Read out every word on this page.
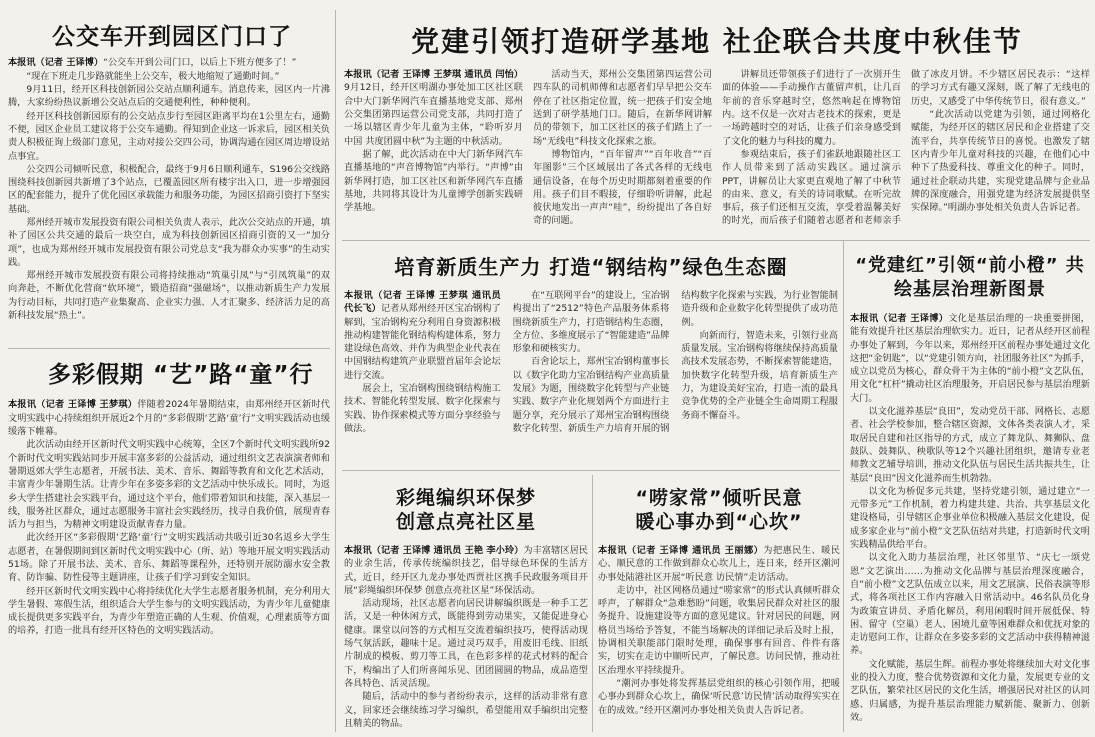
公交车开到园区门口了

本报讯（记者 王译博）“公交车开到公司门口，以后上下班方便多了！”

“现在下班走几步路就能坐上公交车，极大地缩短了通勤时间。”

9月11日，经开区科技创新园公交站点顺利通车。消息传来，园区内一片沸腾，大家纷纷热议新增公交站点后的交通便利性，种种便利。

经开区科技创新园原有的公交站点步行至园区距离平均在1公里左右，通勤不便，园区企业员工建议将于公交车通勤。得知到企业这一诉求后，园区相关负责人积极征询上级部门意见，主动对接公交四公司，协调沟通在园区周边增设站点事宜。

公交四公司倾听民意，积极配合，最终于9月6日顺利通车，S196公交线路围绕科技创新园共新增了3个站点，已覆盖园区所有楼宇出入口，进一步增强园区的配套能力，提升了优化园区承载能力和服务功能，为园区招商引资打下坚实基础。

郑州经开城市发展投资有限公司相关负责人表示，此次公交站点的开通，填补了园区公共交通的最后一块空白，成为科技创新园区招商引资的又一“加分项”，也成为郑州经开城市发展投资有限公司党总支“我为群众办实事”的生动实践。

郑州经开城市发展投资有限公司将持续推动“筑巢引凤”与“引凤筑巢”的双向奔赴，不断优化营商“软环境”，锻造招商“强磁场”，以推动新质生产力发展为行动目标，共同打造产业集聚高、企业实力强、人才汇聚多、经济活力足的高新科技发展“热土”。

多彩假期 “艺”路“童”行

本报讯（记者 王译博 王梦琪）伴随着2024年暑期结束，由郑州经开区新时代文明实践中心持续组织开展近2个月的“多彩假期‘艺路‘童’行”文明实践活动也缓缓落下帷幕。

此次活动由经开区新时代文明实践中心统筹，全区7个新时代文明实践所92个新时代文明实践站同步开展丰富多彩的公益活动，通过组织文艺表演演者师和暑期返郊大学生志愿者，开展书法、美术、音乐、舞蹈等教育和文化艺术活动，丰富青少年暑期生活。让青少年在多姿多彩的文艺活动中快乐成长。同时，为返乡大学生搭建社会实践平台，通过这个平台，他们带着知识和技能，深入基层一线，服务社区群众，通过志愿服务丰富社会实践经历，找寻自我价值，展现青春活力与担当，为精神文明建设贡献青春力量。

此次经开区“多彩假期‘艺路‘童’行”文明实践活动共吸引近30名返乡大学生志愿者，在暑假期间到区新时代文明实践中心（所、站）等地开展文明实践活动51场。除了开展书法、美术、音乐、舞蹈等课程外，还特别开展防溺水安全教育、防诈骗、防性侵等主题讲座，让孩子们学习到安全知识。

经开区新时代文明实践中心将持续优化大学生志愿者服务机制，充分利用大学生暑假、寒假生活，组织适合大学生参与的文明实践活动，为青少年儿童健康成长提供更多实践平台，为青少年塑造正确的人生观、价值观，心理素质等方面的培养，打造一批具有经开区特色的文明实践活动。

党建引领打造研学基地 社企联合共度中秋佳节

本报讯（记者 王译博 王梦琪 通讯员 闫怡）9月12日，经开区明湖办事处加工区社区联合中大门新华网汽车直播基地党支部、郑州公交集团第四运营公司党支部，共同打造了一场以辖区青少年儿童为主体，“聆听岁月中国 共度团圆中秋”为主题的中秋活动。

据了解，此次活动在中大门新华网汽车直播基地的“声音博物馆”内举行。“声博”由新华网打造，加工区社区和新华网汽车直播基地，共同将其设计为儿童博学创新实践研学基地。

活动当天，郑州公交集团第四运营公司四车队的司机师傅和志愿者们早早把公交车停在了社区指定位置，统一把孩子们安全地送到了研学基地门口。随后，在新华网讲解员的带领下，加工区社区的孩子们踏上了一场“无线电”科技文化探索之旅。

博物馆内，“百年留声”“百年收音”“百年图影”三个区域展出了各式各样的无线电通信设备，在每个历史时期都刻着重要的作用。孩子们目不暇接，仔细聆听讲解，此起彼伏地发出一声声“哇”，纷纷提出了各自好奇的问题。

讲解员还带领孩子们进行了一次别开生面的体验——手动操作古董留声机，让几百年前的音乐穿越时空，悠然响起在博物馆内。这不仅是一次对古老技术的探索，更是一场跨越时空的对话，让孩子们亲身感受到了文化的魅力与科技的魔力。

参观结束后，孩子们雀跃地跟随社区工作人员带来到了活动实践区。通过演示PPT，讲解员让大家更直观地了解了中秋节的由来、意义，有关的诗词歌赋。在听完故事后，孩子们还相互交流，享受着温馨美好的时光，而后孩子们随着志愿者和老师亲手做了冰皮月饼。不少辖区居民表示：“这样的学习方式有趣又深刻，既了解了无线电的历史，又感受了中华传统节日，很有意义。”

“此次活动以党建为引领，通过网格化赋能，为经开区的辖区居民和企业搭建了交流平台，共享传统节日的喜悦。也激发了辖区内青少年儿童对科技的兴趣，在他们心中种下了热爱科技、尊重文化的种子。同时，通过社企联动共建，实现党建品牌与企业品牌的深度融合，用强党建为经济发展提供坚实保障。”明湖办事处相关负责人告诉记者。

培育新质生产力 打造“钢结构”绿色生态圈

本报讯（记者 王译博 王梦琪 通讯员 代长飞）记者从郑州经开区宝冶钢构了解到，宝冶钢构充分利用自身资源积极推动构建智能化钢结构构建体系，努力建设绿色高效、并作为典型企业代表在中国钢结构建筑产业联盟首届年会论坛进行交流。

展会上，宝冶钢构围绕钢结构施工技术、智能化转型发展、数字化探索与实践、协作探索模式等方面分享经验与做法。

在“互联网平台”的建设上，宝冶钢构提出了“2512”特色产品服务体系将围绕新质生产力，打造钢结构生态圈，全方位、多维度展示了“智能建造”品牌形象和硬核实力。

百舍论坛上，郑州宝冶钢构董事长以《数字化助力宝冶钢结构产业高质量发展》为题，围绕数字化转型与产业链实践、数字产业化规划两个方面进行主题分享，充分展示了郑州宝冶钢构围绕数字化转型、新质生产力培育开展的钢结构数字化探索与实践，为行业智能制造升级和企业数字化转型提供了成功范例。

向新而行，智造未来，引领行业高质量发展。宝冶钢构将继续保持高质量高技术发展态势，不断探索智能建造，加快数字化转型升级，培育新质生产力，为建设美好宝冶，打造一流的最具竞争优势的全产业链全生命周期工程服务商不懈奋斗。

彩绳编织环保梦
创意点亮社区星

本报讯（记者 王译博 通讯员 王艳 李小玲）为丰富辖区居民的业余生活，传承传统编织技艺，倡导绿色环保的生活方式，近日，经开区九龙办事处西贾社区携手民政服务项目开展“彩绳编织环保梦 创意点亮社区星”环保活动。

活动现场，社区志愿者向居民讲解编织既是一种手工艺活，又是一种休闲方式，既能得到劳动果实，又能促进身心健康。课堂以问答的方式相互交流着编织技巧，使得活动现场气氛活跃，趣味十足。通过灵巧双手，用废旧毛线、旧纸片制成的模板、剪刀等工具，在色彩多样的花式材料的配合下，构编出了人们所喜闻乐见、团团圆圆的物品，成品造型各具特色、活灵活现。

随后，活动中的参与者纷纷表示，这样的活动非常有意义，回家还会继续练习学习编织，希望能用双手编织出完整且精美的物品。

“唠家常”倾听民意
暖心事办到“心坎”

本报讯（记者 王译博 通讯员 王丽娜）为把惠民生、暖民心、顺民意的工作做到群众心坎儿上，连日来，经开区潮河办事处陆港社区开展“听民意 访民情”走访活动。

走访中，社区网格员通过“唠家常”的形式认真倾听群众呼声，了解群众“急难愁盼”问题，收集居民群众对社区的服务提升、设施建设等方面的意见建议。针对居民的问题，网格员当场给予答复，不能当场解决的详细记录后及时上报，协调相关职能部门限时处理，确保事事有回音、件件有落实，切实在走访中顺听民声，了解民意。访问民情，推动社区治理水平持续提升。

“潮河办事处将发挥基层党组织的核心引领作用，把暖心事办到群众心坎上，确保‘听民意’访民情’活动取得实实在在的成效。”经开区潮河办事处相关负责人告诉记者。

“党建红”引领“前小橙” 共绘基层治理新图景

本报讯（记者 王译博）文化是基层治理的一块重要拼图，能有效提升社区基层治理软实力。近日，记者从经开区前程办事处了解到，今年以来，郑州经开区前程办事处通过文化这把“金钥匙”，以“党建引领方向，社团服务社区”为抓手，成立以党员为核心，群众骨干为主体的“前小橙”文艺队伍，用文化“杠杆”撬动社区治理服务，开启居民参与基层治理新大门。

以文化滋养基层“良田”，发动党员干部、网格长、志愿者、社会学校参加，整合辖区资源，文体各类表演人才，采取居民自建和社区指导的方式，成立了舞龙队、舞狮队、盘鼓队、鼓舞队、秧歌队等12个兴趣社团组织，邀请专业老师教文艺辅导培训，推动文化队伍与居民生活共振共生，让基层“良田”因文化滋养而生机勃勃。

以文化为桥促多元共建，坚持党建引领，通过建立“一元带多元”工作机制，着力构建共建、共治、共享基层文化建设格局，引导辖区企事业单位积极融入基层文化建设，促成多家企业与“前小橙”文艺队伍结对共建，打造新时代文明实践精品供给平台。

以文化入助力基层治理，社区邻里节、“庆七一颂党恩”文艺演出……为推动文化品牌与基层治理深度融合，自“前小橙”文艺队伍成立以来，用文艺展演、民俗表演等形式，将各项社区工作内容融入日常活动中。46名队员化身为政策宣讲员、矛盾化解员，利用闲暇时间开展低保、特困、留守（空巢）老人、困境儿童等困难群众和优抚对象的走访慰问工作，让群众在多姿多彩的文艺活动中获得精神滋养。

文化赋能，基层生辉。前程办事处将继续加大对文化事业的投入力度，整合优势资源和文化力量，发展更专业的文艺队伍，繁荣社区居民的文化生活，增强居民对社区的认同感、归属感，为提升基层治理能力赋新能、聚新力、创新效。
